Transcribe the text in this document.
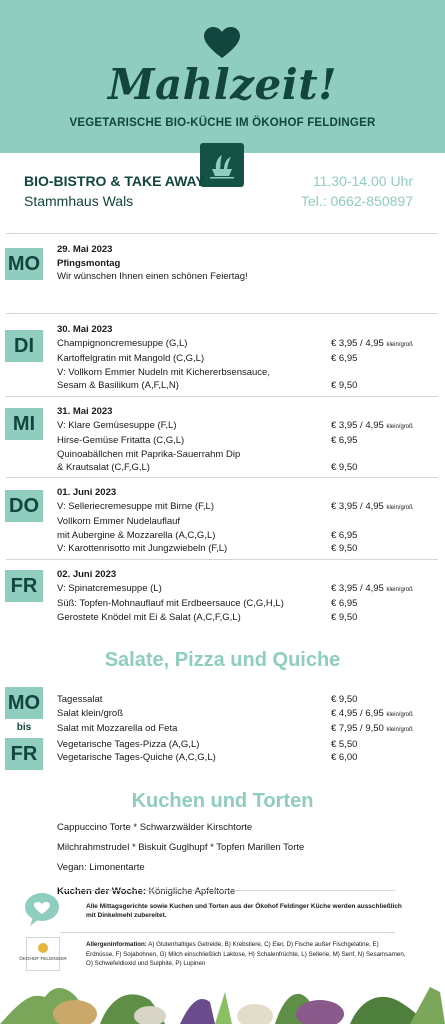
Mahlzeit!
VEGETARISCHE BIO-KÜCHE IM ÖKOHOF FELDINGER
BIO-BISTRO & TAKE AWAY
Stammhaus Wals
11.30-14.00 Uhr
Tel.: 0662-850897
MO
29. Mai 2023
Pfingsmontag
Wir wünschen Ihnen einen schönen Feiertag!
DI
30. Mai 2023
Champignoncremesuppe (G,L)	€ 3,95 / 4,95 klein/groß
Kartoffelgratin mit Mangold (C,G,L)	€ 6,95
V: Vollkorn Emmer Nudeln mit Kichererbsensauce,
Sesam & Basilikum (A,F,L,N)	€ 9,50
MI
31. Mai 2023
V: Klare Gemüsesuppe (F,L)	€ 3,95 / 4,95 klein/groß
Hirse-Gemüse Fritatta (C,G,L)	€ 6,95
Quinoabällchen mit Paprika-Sauerrahm Dip
& Krautsalat (C,F,G,L)	€ 9,50
DO
01. Juni 2023
V: Selleriecremesuppe mit Birne (F,L)	€ 3,95 / 4,95 klein/groß
Vollkorn Emmer Nudelauflauf
mit Aubergine & Mozzarella (A,C,G,L)	€ 6,95
V: Karottenrisotto mit Jungzwiebeln (F,L)	€ 9,50
FR
02. Juni 2023
V: Spinatcremesuppe (L)	€ 3,95 / 4,95 klein/groß
Süß: Topfen-Mohnauflauf mit Erdbeersauce (C,G,H,L)	€ 6,95
Gerostete Knödel mit Ei & Salat (A,C,F,G,L)	€ 9,50
Salate, Pizza und Quiche
MO
bis
FR
Tagessalat	€ 9,50
Salat klein/groß	€ 4,95 / 6,95 klein/groß
Salat mit Mozzarella od Feta	€ 7,95 / 9,50 klein/groß
Vegetarische Tages-Pizza (A,G,L)	€ 5,50
Vegetarische Tages-Quiche (A,C,G,L)	€ 6,00
Kuchen und Torten
Cappuccino Torte * Schwarzwälder Kirschtorte
Milchrahmstrudel * Biskuit Guglhupf * Topfen Marillen Torte
Vegan: Limonentarte
Kuchen der Woche: Königliche Apfeltorte
Alle Mittagsgerichte sowie Kuchen und Torten aus der Ökohof Feldinger Küche werden ausschließlich mit Dinkelmehl zubereitet.
ÖKOHOF FELDINGER
Allergeninformation: A) Glutenhaltiges Getreide, B) Krebstiere, C) Eier, D) Fische außer Fischgelatine, E) Erdnüsse, F) Sojabohnen, G) Milch einschließlich Laktose, H) Schalenfrüchte, L) Sellerie, M) Senf, N) Sesamsamen, O) Schwefeldioxid und Sulphite, P) Lupinen
